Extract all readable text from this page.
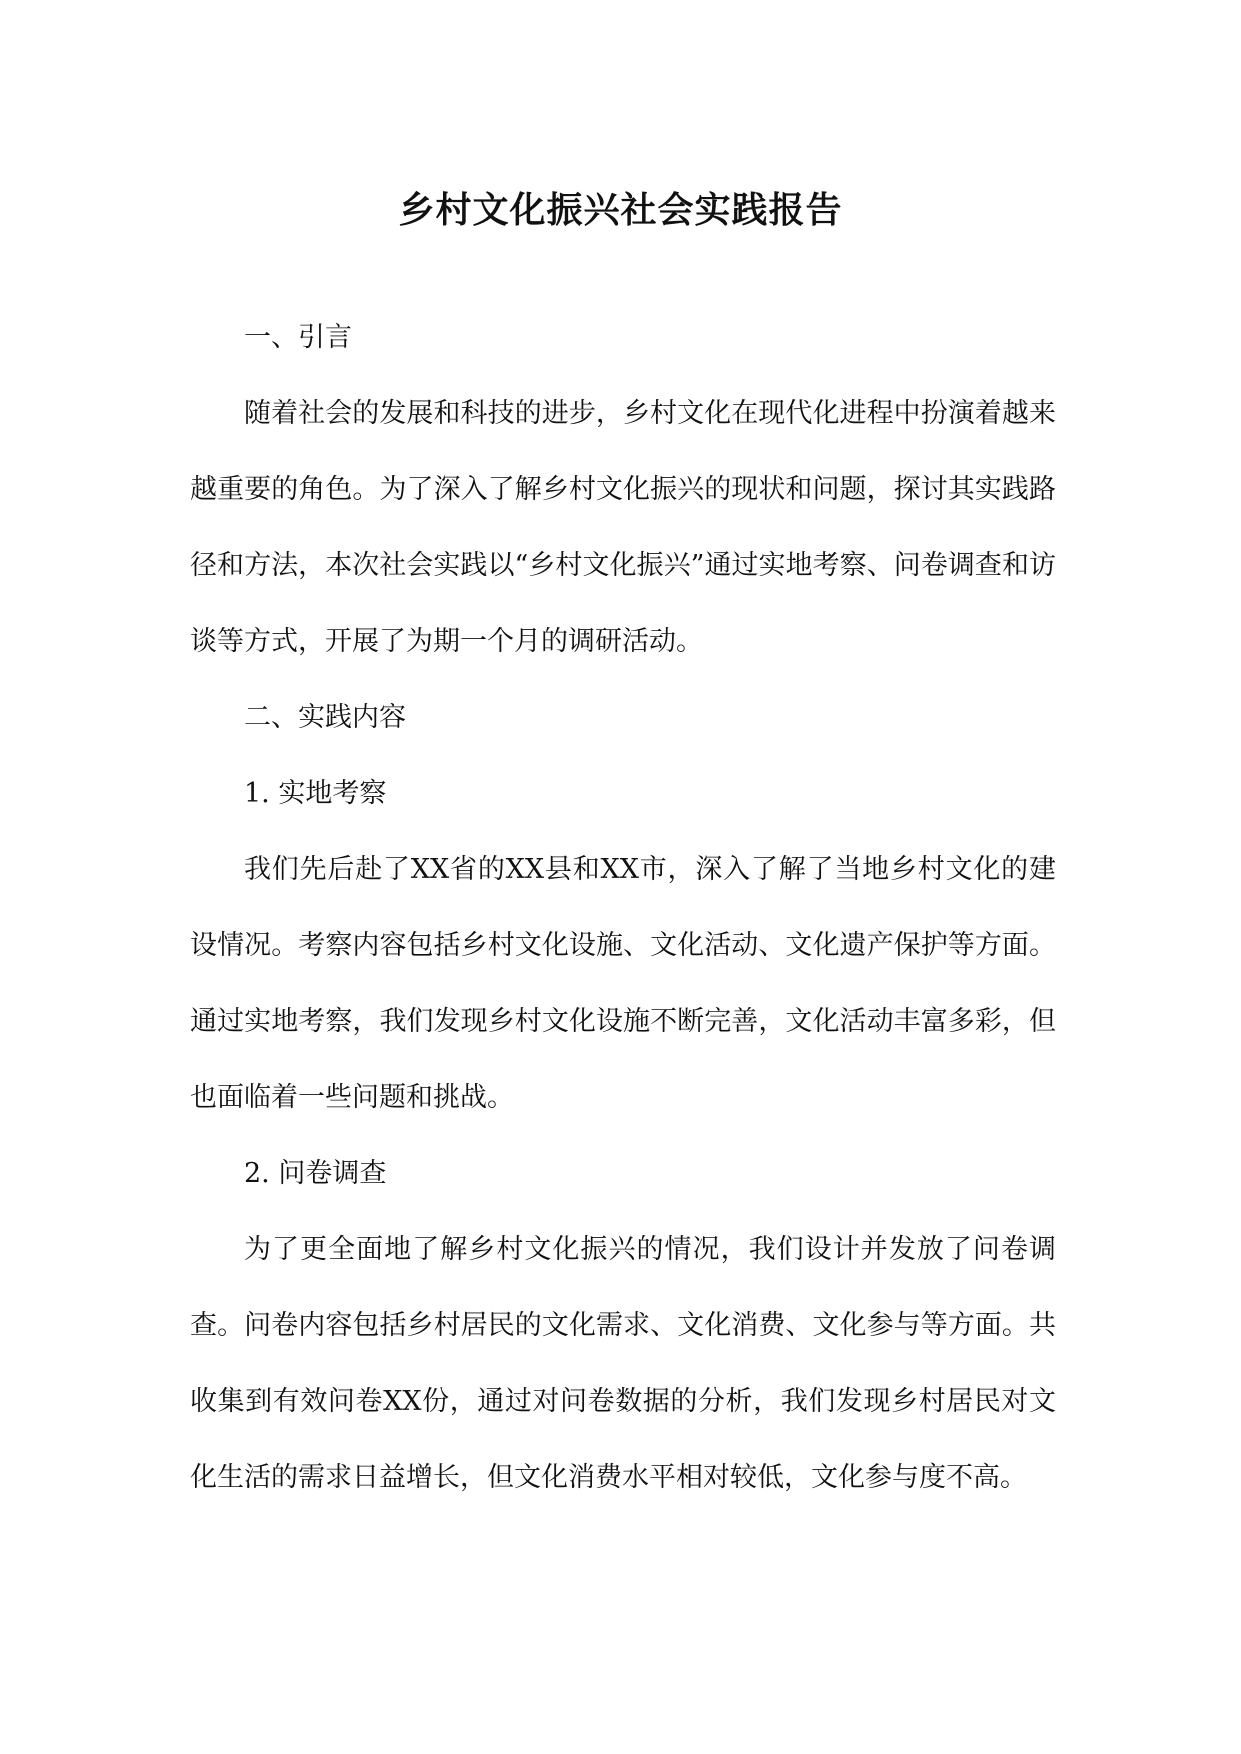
乡村文化振兴社会实践报告

一、引言

随着社会的发展和科技的进步，乡村文化在现代化进程中扮演着越来越重要的角色。为了深入了解乡村文化振兴的现状和问题，探讨其实践路径和方法，本次社会实践以“乡村文化振兴”通过实地考察、问卷调查和访谈等方式，开展了为期一个月的调研活动。

二、实践内容

1. 实地考察

我们先后赴了XX省的XX县和XX市，深入了解了当地乡村文化的建设情况。考察内容包括乡村文化设施、文化活动、文化遗产保护等方面。通过实地考察，我们发现乡村文化设施不断完善，文化活动丰富多彩，但也面临着一些问题和挑战。

2. 问卷调查

为了更全面地了解乡村文化振兴的情况，我们设计并发放了问卷调查。问卷内容包括乡村居民的文化需求、文化消费、文化参与等方面。共收集到有效问卷XX份，通过对问卷数据的分析，我们发现乡村居民对文化生活的需求日益增长，但文化消费水平相对较低，文化参与度不高。
